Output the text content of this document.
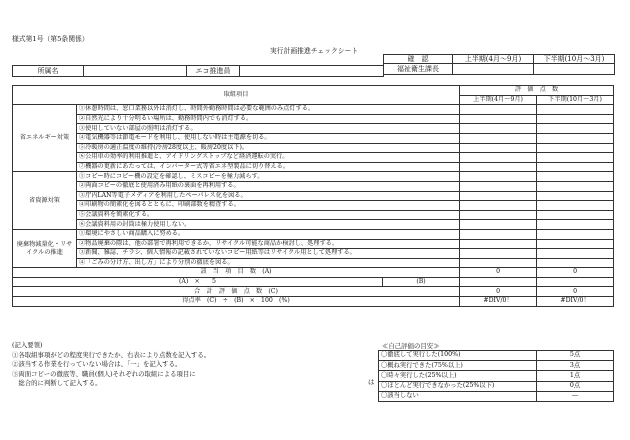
様式第1号（第5条関係）
実行計画推進チェックシート
確　認	上半期(4月～9月)	下半期(10月～3月)
福祉衛生課長		
所属名		エコ推進員	
取組項目			評　価　点　数	
			上半期(4月～9月)	下半期(10月～3月)
省エネルギー対策	①休憩時間は、窓口業務以外は消灯し、時間外勤務時間は必要な範囲のみ点灯する。			
	②自然光により十分明るい場所は、勤務時間内でも消灯する。			
	③使用していない部屋の照明は消灯する。			
	④電気機器等は節電モードを利用し、使用しない時は主電源を切る。			
	⑤冷暖房の適正温度の維持(冷房28度以上、暖房20度以下)。			
	⑥公用車の効率的利用推進と、アイドリングストップなど経済運転の実行。			
	⑦機器の更新にあたっては、インバーター式等省エネ型製品に切り替える。			
省資源対策	①コピー時にコピー機の設定を確認し、ミスコピーを極力減らす。			
	②両面コピーの徹底と使用済み用紙の裏面を再利用する。			
	③庁内LAN等電子メディアを利用したペーパレス化を図る。			
	④印刷物の簡素化を図るとともに、印刷部数を精査する。			
	⑤会議資料を簡素化する。			
	⑥会議資料用の封筒は極力使用しない。			
廃棄物減量化・リサイクルの推進	①環境にやさしい商品購入に努める。			
	②物品廃棄の際は、他の部署で再利用できるか、リサイクル可能な商品か検討し、処理する。			
	③新聞、雑誌、チラシ、個人情報の記載されていないコピー用紙等はリサイクル用として処理する。			
	④「ごみの分け方、出し方」により分別の徹底を図る。			
該　当　項　目　数　(A)			0	0
(A)　×　　5		(B)		
合　計　評　価　点　数　(C)			0	0
得点率　(C)　÷　(B)　×　100　(%)			#DIV/0！	#DIV/0！

(記入要領)

①各取組事項がどの程度実行できたか、右表により点数を記入する。

②該当する作業を行っていない場合は、「一」を記入する。

③両面コピーの徹底等、職員(個人)それぞれの取組による項目に

　総合的に判断して記入する。

≪自己評価の目安≫
は
〇徹底して実行した(100%)	5点
〇概ね実行できた(75%以上)	3点
〇時々実行した(25%以上)	1点
〇ほとんど実行できなかった(25%以下)	0点
〇該当しない	―
